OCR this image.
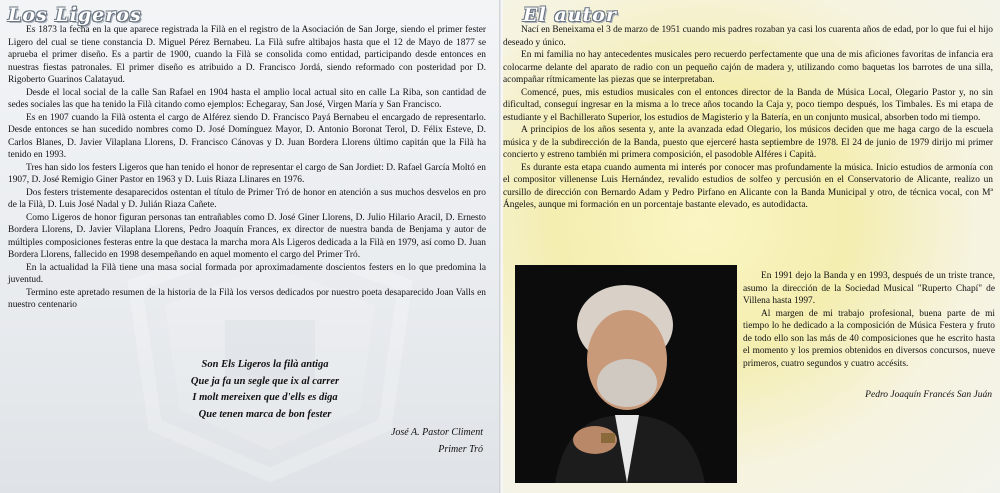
Los Ligeros

Es 1873 la fecha en la que aparece registrada la Filà en el registro de la Asociación de San Jorge, siendo el primer fester Ligero del cual se tiene constancia D. Miguel Pérez Bernabeu. La Filà sufre altibajos hasta que el 12 de Mayo de 1877 se aprueba el primer diseño. Es a partir de 1900, cuando la Filà se consolida como entidad, participando desde entonces en nuestras fiestas patronales. El primer diseño es atribuido a D. Francisco Jordá, siendo reformado con posteridad por D. Rigoberto Guarinos Calatayud.

Desde el local social de la calle San Rafael en 1904 hasta el amplio local actual sito en calle La Riba, son cantidad de sedes sociales las que ha tenido la Filà citando como ejemplos: Echegaray, San José, Virgen María y San Francisco.

Es en 1907 cuando la Filà ostenta el cargo de Alférez siendo D. Francisco Payá Bernabeu el encargado de representarlo. Desde entonces se han sucedido nombres como D. José Domínguez Mayor, D. Antonio Boronat Terol, D. Félix Esteve, D. Carlos Blanes, D. Javier Vilaplana Llorens, D. Francisco Cánovas y D. Juan Bordera Llorens último capitán que la Filà ha tenido en 1993.

Tres han sido los festers Ligeros que han tenido el honor de representar el cargo de San Jordiet: D. Rafael García Moltó en 1907, D. José Remigio Giner Pastor en 1963 y D. Luis Riaza Llinares en 1976.

Dos festers tristemente desaparecidos ostentan el título de Primer Tró de honor en atención a sus muchos desvelos en pro de la Filà, D. Luis José Nadal y D. Julián Riaza Cañete.

Como Ligeros de honor figuran personas tan entrañables como D. José Giner Llorens, D. Julio Hilario Aracil, D. Ernesto Bordera Llorens, D. Javier Vilaplana Llorens, Pedro Joaquín Frances, ex director de nuestra banda de Benjama y autor de múltiples composiciones festeras entre la que destaca la marcha mora Als Ligeros dedicada a la Filà en 1979, así como D. Juan Bordera Llorens, fallecido en 1998 desempeñando en aquel momento el cargo del Primer Tró.

En la actualidad la Filà tiene una masa social formada por aproximadamente doscientos festers en lo que predomina la juventud.

Termino este apretado resumen de la historia de la Filà los versos dedicados por nuestro poeta desaparecido Joan Valls en nuestro centenario

Son Els Ligeros la filà antiga
Que ja fa un segle que ix al carrer
I molt mereixen que d'ells es diga
Que tenen marca de bon fester
José A. Pastor Climent
Primer Tró
El autor

Nací en Beneixama el 3 de marzo de 1951 cuando mis padres rozaban ya casi los cuarenta años de edad, por lo que fui el hijo deseado y único.

En mi familia no hay antecedentes musicales pero recuerdo perfectamente que una de mis aficiones favoritas de infancia era colocarme delante del aparato de radio con un pequeño cajón de madera y, utilizando como baquetas los barrotes de una silla, acompañar rítmicamente las piezas que se interpretaban.

Comencé, pues, mis estudios musicales con el entonces director de la Banda de Música Local, Olegario Pastor y, no sin dificultad, conseguí ingresar en la misma a lo trece años tocando la Caja y, poco tiempo después, los Timbales. Es mi etapa de estudiante y el Bachillerato Superior, los estudios de Magisterio y la Batería, en un conjunto musical, absorben todo mi tiempo.

A principios de los años sesenta y, ante la avanzada edad Olegario, los músicos deciden que me haga cargo de la escuela música y de la subdirección de la Banda, puesto que ejerceré hasta septiembre de 1978. El 24 de junio de 1979 dirijo mi primer concierto y estreno también mi primera composición, el pasodoble Alféres i Capità.

Es durante esta etapa cuando aumenta mi interés por conocer mas profundamente la música. Inicio estudios de armonía con el compositor villenense Luis Hernández, revalido estudios de solfeo y percusión en el Conservatorio de Alicante, realizo un cursillo de dirección con Bernardo Adam y Pedro Pirfano en Alicante con la Banda Municipal y otro, de técnica vocal, con Mª Ángeles, aunque mi formación en un porcentaje bastante elevado, es autodidacta.

En 1991 dejo la Banda y en 1993, después de un triste trance, asumo la dirección de la Sociedad Musical "Ruperto Chapí" de Villena hasta 1997.

Al margen de mi trabajo profesional, buena parte de mi tiempo lo he dedicado a la composición de Música Festera y fruto de todo ello son las más de 40 composiciones que he escrito hasta el momento y los premios obtenidos en diversos concursos, nueve primeros, cuatro segundos y cuatro accésits.

Pedro Joaquín Francés San Juán
